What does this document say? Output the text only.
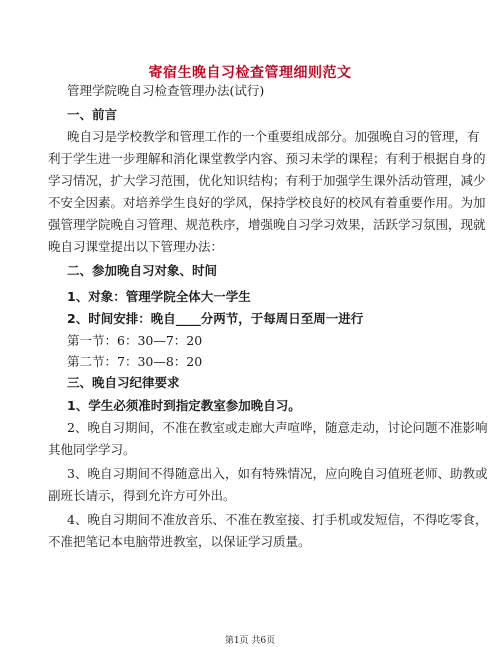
寄宿生晚自习检查管理细则范文
管理学院晚自习检查管理办法(试行)
一、前言
晚自习是学校教学和管理工作的一个重要组成部分。加强晚自习的管理，有
利于学生进一步理解和消化课堂教学内容、预习未学的课程；有利于根据自身的
学习情况，扩大学习范围，优化知识结构；有利于加强学生课外活动管理，减少
不安全因素。对培养学生良好的学风，保持学校良好的校风有着重要作用。为加
强管理学院晚自习管理、规范秩序，增强晚自习学习效果，活跃学习氛围，现就
晚自习课堂提出以下管理办法：
二、参加晚自习对象、时间
1、对象：管理学院全体大一学生
2、时间安排：晚自____分两节，于每周日至周一进行
第一节：6：30—7：20
第二节：7：30—8：20
三、晚自习纪律要求
1、学生必须准时到指定教室参加晚自习。
2、晚自习期间，不准在教室或走廊大声喧哗，随意走动，讨论问题不准影响
其他同学学习。
3、晚自习期间不得随意出入，如有特殊情况，应向晚自习值班老师、助教或
副班长请示，得到允许方可外出。
4、晚自习期间不准放音乐、不准在教室接、打手机或发短信，不得吃零食，
不准把笔记本电脑带进教室，以保证学习质量。
第1页 共6页
